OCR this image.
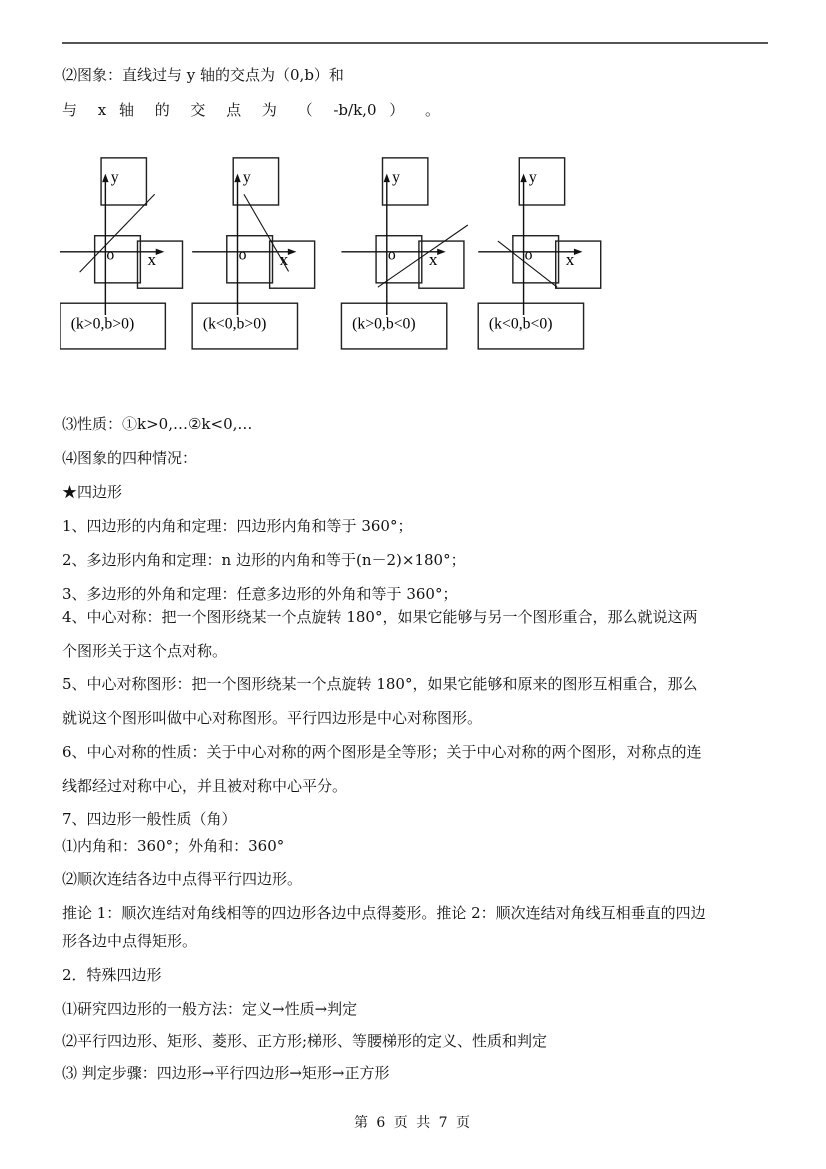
⑵图象：直线过与 y 轴的交点为（0,b）和
与 x 轴 的 交 点 为 （ -b/k,0 ） 。
y
o x
(k>0,b>0)
y
o x
(k<0,b>0)
y
o x
(k>0,b<0)
y
o x
(k<0,b<0)
⑶性质：①k>0,…②k<0,…
⑷图象的四种情况：
★四边形
1、四边形的内角和定理：四边形内角和等于 360°；
2、多边形内角和定理：n 边形的内角和等于(n－2)×180°；
3、多边形的外角和定理：任意多边形的外角和等于 360°；
4、中心对称：把一个图形绕某一个点旋转 180°，如果它能够与另一个图形重合，那么就说这两
个图形关于这个点对称。
5、中心对称图形：把一个图形绕某一个点旋转 180°，如果它能够和原来的图形互相重合，那么
就说这个图形叫做中心对称图形。平行四边形是中心对称图形。
6、中心对称的性质：关于中心对称的两个图形是全等形；关于中心对称的两个图形，对称点的连
线都经过对称中心，并且被对称中心平分。
7、四边形一般性质（角）
⑴内角和：360°；外角和：360°
⑵顺次连结各边中点得平行四边形。
推论 1：顺次连结对角线相等的四边形各边中点得菱形。推论 2：顺次连结对角线互相垂直的四边
形各边中点得矩形。
2．特殊四边形
⑴研究四边形的一般方法：定义→性质→判定
⑵平行四边形、矩形、菱形、正方形;梯形、等腰梯形的定义、性质和判定
⑶ 判定步骤：四边形→平行四边形→矩形→正方形
第 6 页 共 7 页
